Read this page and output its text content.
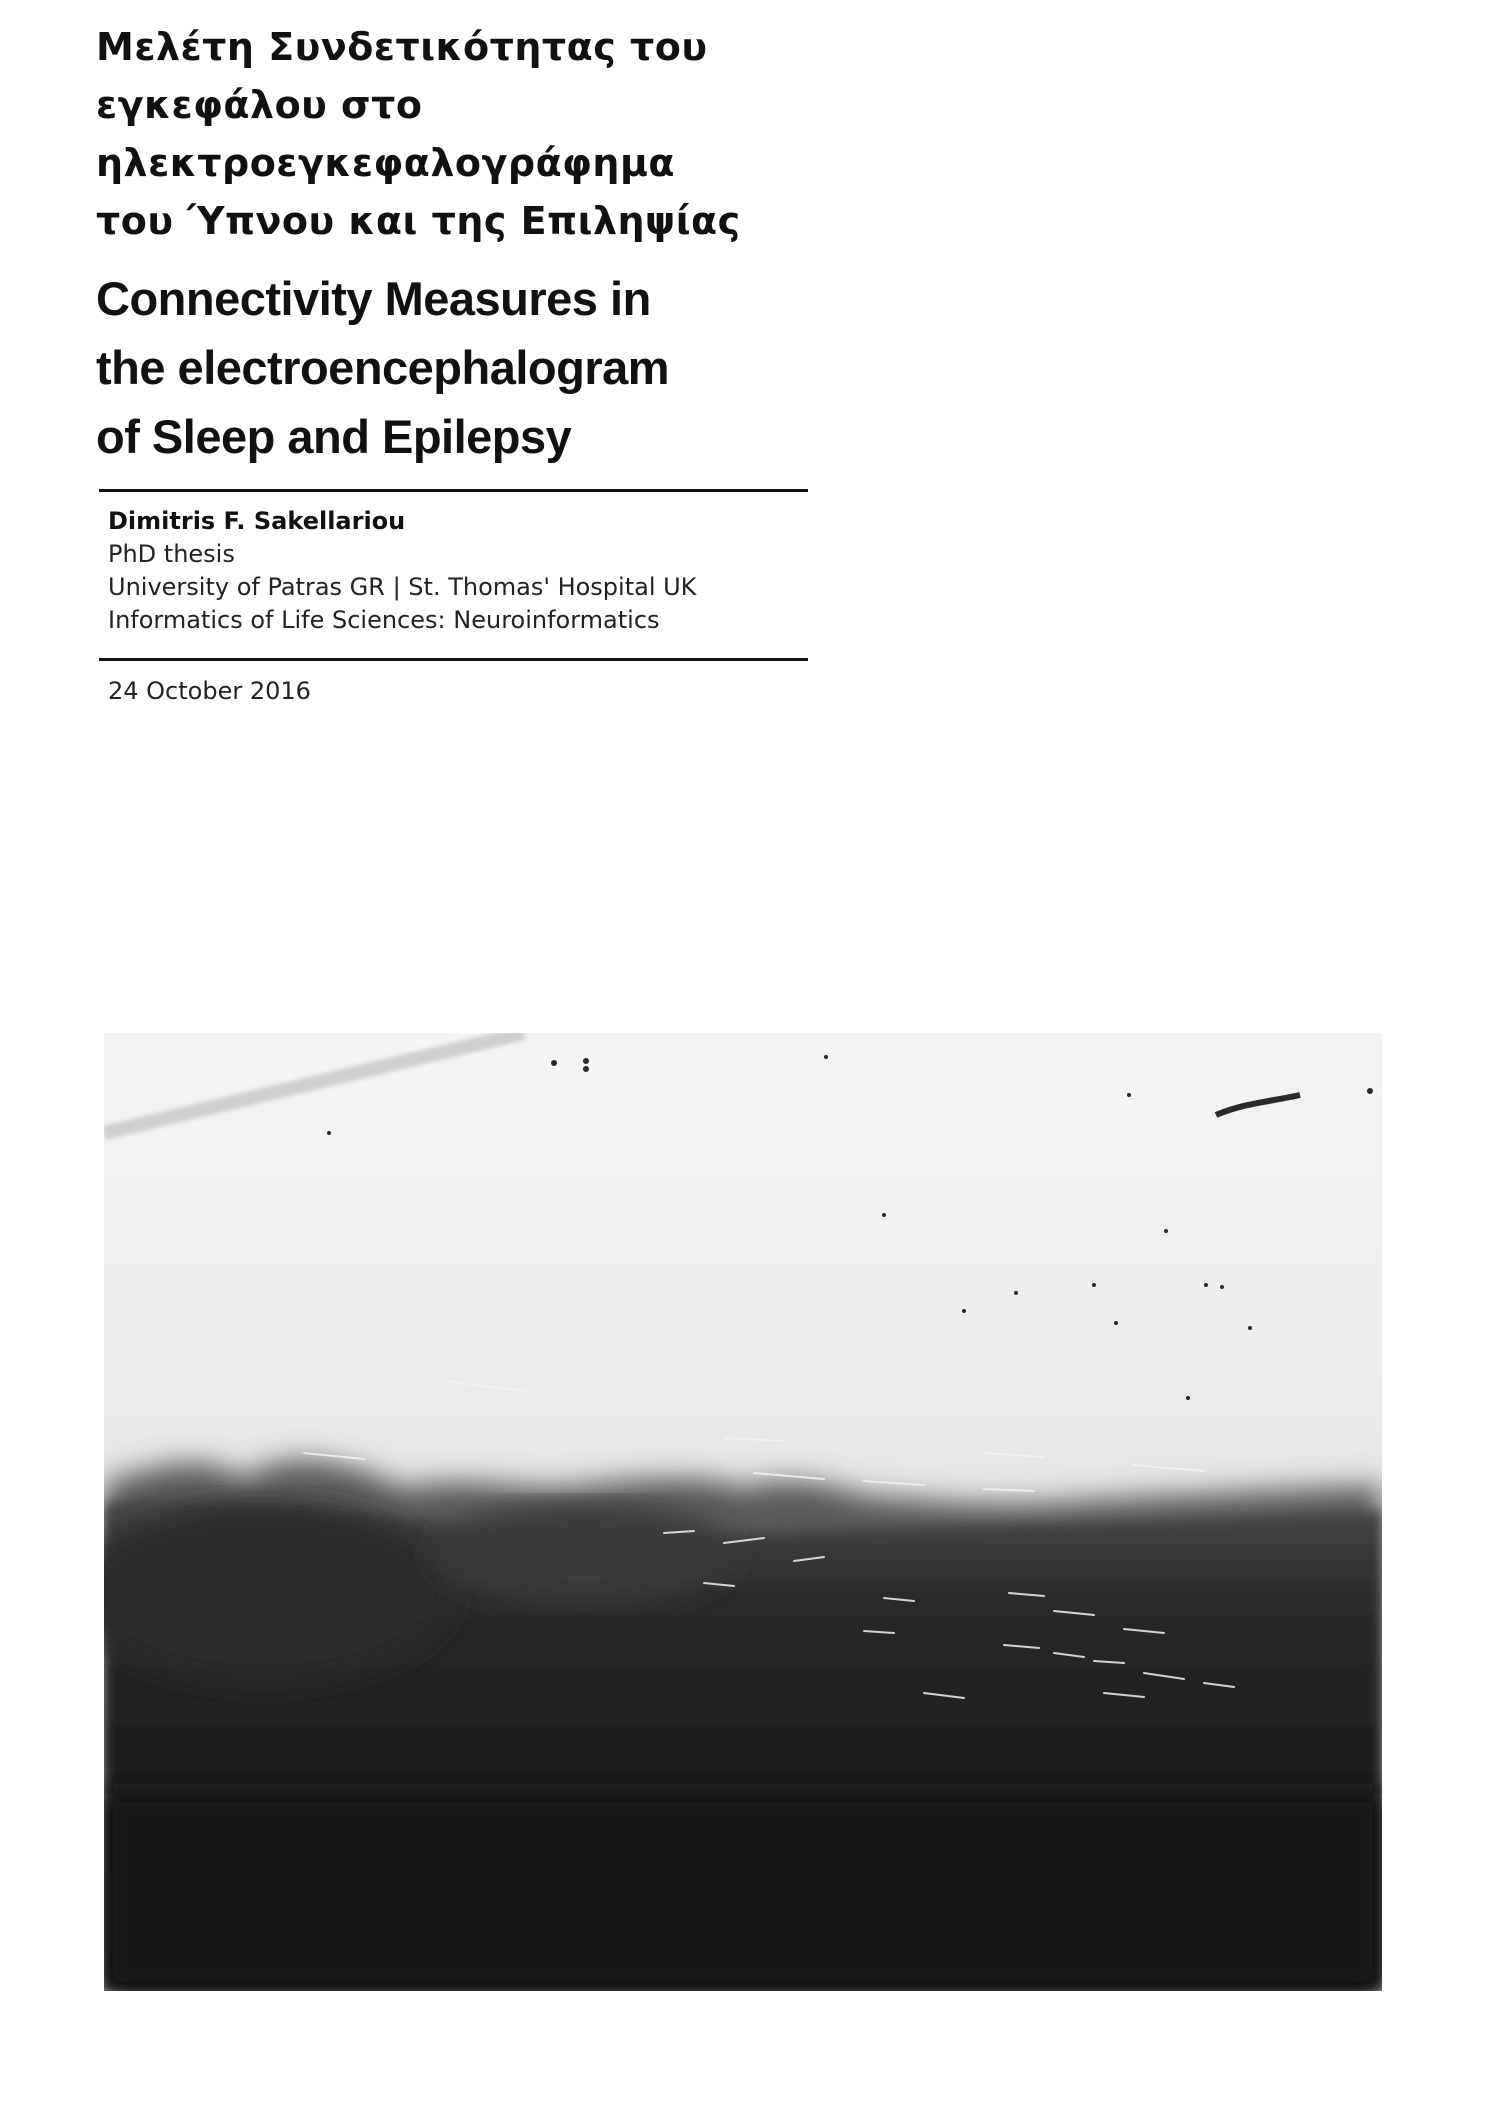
Μελέτη Συνδετικότητας του
εγκεφάλου στο
ηλεκτροεγκεφαλογράφημα
του Ύπνου και της Επιληψίας
Connectivity Measures in
the electroencephalogram
of Sleep and Epilepsy
Dimitris F. Sakellariou
PhD thesis
University of Patras GR | St. Thomas' Hospital UK
Informatics of Life Sciences: Neuroinformatics
24 October 2016
